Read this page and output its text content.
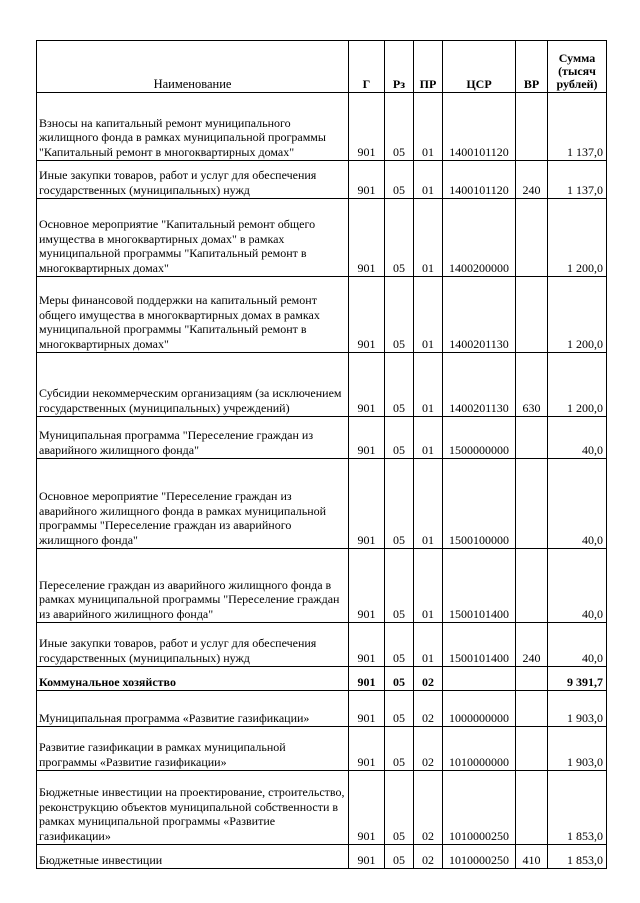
Наименование	Г	Рз	ПР	ЦСР	ВР	Сумма (тысяч рублей)
Взносы на капитальный ремонт муниципального жилищного фонда в рамках муниципальной программы "Капитальный ремонт в многоквартирных домах"	901	05	01	1400101120		1 137,0
Иные закупки товаров, работ и услуг для обеспечения государственных (муниципальных) нужд	901	05	01	1400101120	240	1 137,0
Основное мероприятие "Капитальный ремонт общего имущества в многоквартирных домах" в рамках муниципальной программы "Капитальный ремонт в многоквартирных домах"	901	05	01	1400200000		1 200,0
Меры финансовой поддержки на капитальный ремонт общего имущества в многоквартирных домах в рамках муниципальной программы "Капитальный ремонт в многоквартирных домах"	901	05	01	1400201130		1 200,0
Субсидии некоммерческим организациям (за исключением государственных (муниципальных) учреждений)	901	05	01	1400201130	630	1 200,0
Муниципальная программа "Переселение граждан из аварийного жилищного фонда"	901	05	01	1500000000		40,0
Основное мероприятие "Переселение граждан из аварийного жилищного фонда в рамках муниципальной программы "Переселение граждан из аварийного жилищного фонда"	901	05	01	1500100000		40,0
Переселение граждан из аварийного жилищного фонда в рамках муниципальной программы "Переселение граждан из аварийного жилищного фонда"	901	05	01	1500101400		40,0
Иные закупки товаров, работ и услуг для обеспечения государственных (муниципальных) нужд	901	05	01	1500101400	240	40,0
Коммунальное хозяйство	901	05	02			9 391,7
Муниципальная программа «Развитие газификации»	901	05	02	1000000000		1 903,0
Развитие газификации в рамках муниципальной программы «Развитие газификации»	901	05	02	1010000000		1 903,0
Бюджетные инвестиции на проектирование, строительство, реконструкцию объектов муниципальной собственности в рамках муниципальной программы «Развитие газификации»	901	05	02	1010000250		1 853,0
Бюджетные инвестиции	901	05	02	1010000250	410	1 853,0
